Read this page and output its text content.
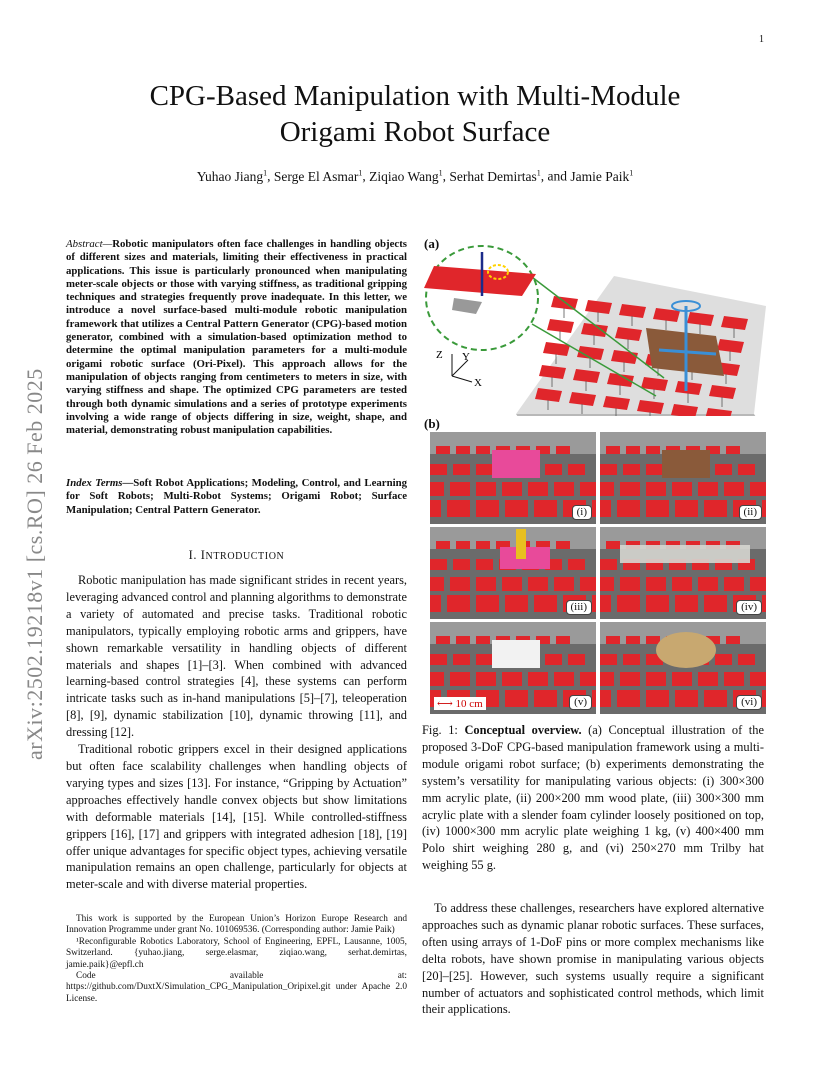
1
arXiv:2502.19218v1 [cs.RO] 26 Feb 2025
CPG-Based Manipulation with Multi-Module
Origami Robot Surface
Yuhao Jiang$^1$, Serge El Asmar$^1$, Ziqiao Wang$^1$, Serhat Demirtas$^1$, and Jamie Paik$^1$
Abstract—Robotic manipulators often face challenges in handling objects of different sizes and materials, limiting their effectiveness in practical applications. This issue is particularly pronounced when manipulating meter-scale objects or those with varying stiffness, as traditional gripping techniques and strategies frequently prove inadequate. In this letter, we introduce a novel surface-based multi-module robotic manipulation framework that utilizes a Central Pattern Generator (CPG)-based motion generator, combined with a simulation-based optimization method to determine the optimal manipulation parameters for a multi-module origami robotic surface (Ori-Pixel). This approach allows for the manipulation of objects ranging from centimeters to meters in size, with varying stiffness and shape. The optimized CPG parameters are tested through both dynamic simulations and a series of prototype experiments involving a wide range of objects differing in size, weight, shape, and material, demonstrating robust manipulation capabilities.
Index Terms—Soft Robot Applications; Modeling, Control, and Learning for Soft Robots; Multi-Robot Systems; Origami Robot; Surface Manipulation; Central Pattern Generator.
I. INTRODUCTION

Robotic manipulation has made significant strides in recent years, leveraging advanced control and planning algorithms to demonstrate a variety of automated and precise tasks. Traditional robotic manipulators, typically employing robotic arms and grippers, have shown remarkable versatility in handling objects of different materials and shapes [1]–[3]. When combined with advanced learning-based control strategies [4], these systems can perform intricate tasks such as in-hand manipulations [5]–[7], teleoperation [8], [9], dynamic stabilization [10], dynamic throwing [11], and dressing [12].

Traditional robotic grippers excel in their designed applications but often face scalability challenges when handling objects of varying types and sizes [13]. For instance, “Gripping by Actuation” approaches effectively handle convex objects but show limitations with deformable materials [14], [15]. While controlled-stiffness grippers [16], [17] and grippers with integrated adhesion [18], [19] offer unique advantages for specific object types, achieving versatile manipulation remains an open challenge, particularly for objects at meter-scale and with diverse material properties.

This work is supported by the European Union’s Horizon Europe Research and Innovation Programme under grant No. 101069536. (Corresponding author: Jamie Paik)

¹Reconfigurable Robotics Laboratory, School of Engineering, EPFL, Lausanne, 1005, Switzerland. {yuhao.jiang, serge.elasmar, ziqiao.wang, serhat.demirtas, jamie.paik}@epfl.ch

Code available at: https://github.com/DuxtX/Simulation_CPG_Manipulation_Oripixel.git under Apache 2.0 License.

(a)
Z Y
X
(b)
(i)	(ii)
(iii)	(iv)
(v)
⟷ 10 cm	(vi)
Fig. 1: Conceptual overview. (a) Conceptual illustration of the proposed 3-DoF CPG-based manipulation framework using a multi-module origami robot surface; (b) experiments demonstrating the system’s versatility for manipulating various objects: (i) 300×300 mm acrylic plate, (ii) 200×200 mm wood plate, (iii) 300×300 mm acrylic plate with a slender foam cylinder loosely positioned on top, (iv) 1000×300 mm acrylic plate weighing 1 kg, (v) 400×400 mm Polo shirt weighing 280 g, and (vi) 250×270 mm Trilby hat weighing 55 g.

To address these challenges, researchers have explored alternative approaches such as dynamic planar robotic surfaces. These surfaces, often using arrays of 1-DoF pins or more complex mechanisms like delta robots, have shown promise in manipulating various objects [20]–[25]. However, such systems usually require a significant number of actuators and sophisticated control methods, which limit their applications.
